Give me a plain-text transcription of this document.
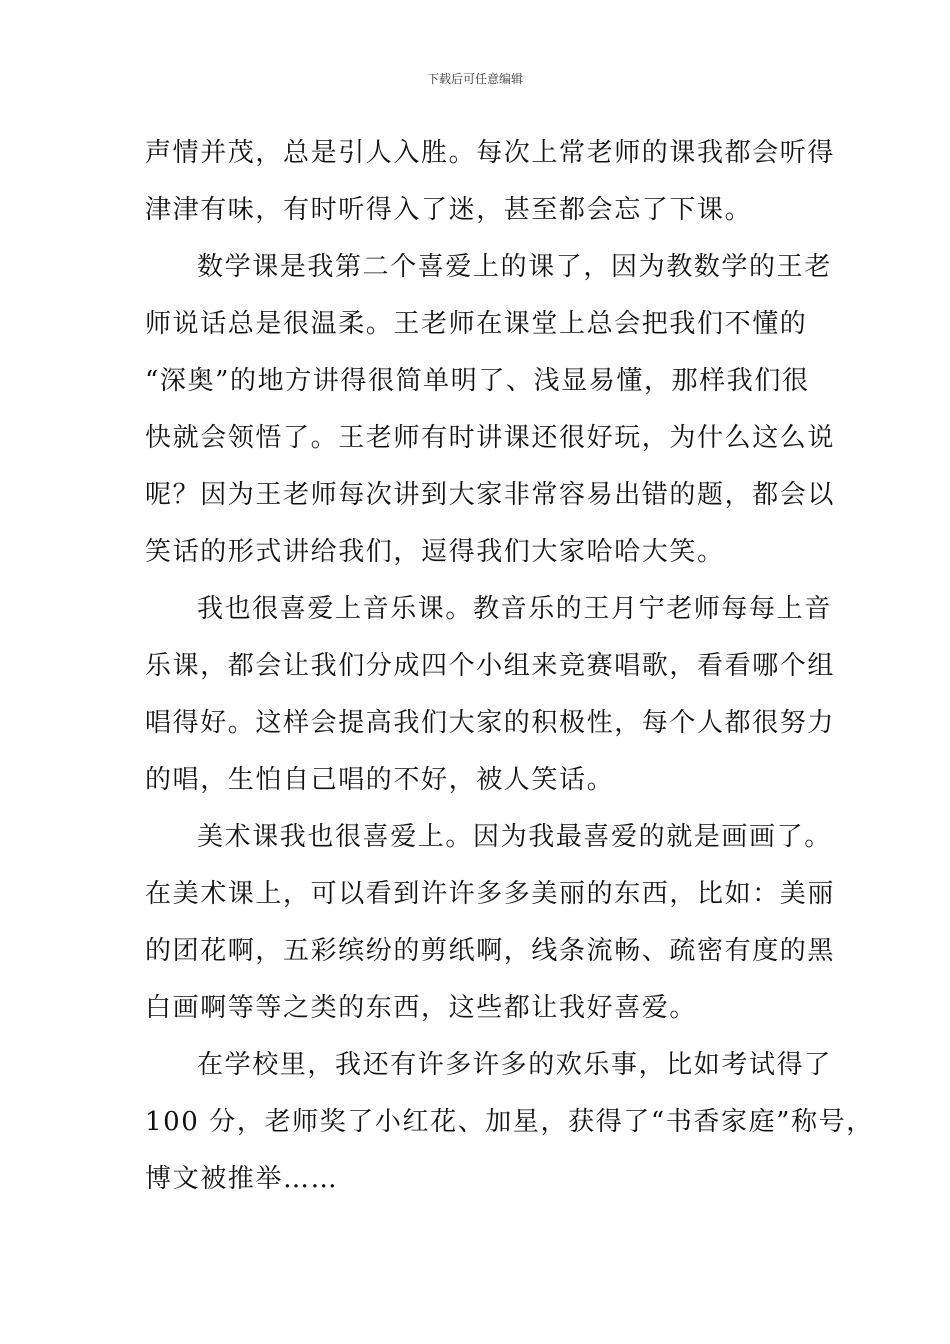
下载后可任意编辑

声情并茂，总是引人入胜。每次上常老师的课我都会听得

津津有味，有时听得入了迷，甚至都会忘了下课。

数学课是我第二个喜爱上的课了，因为教数学的王老

师说话总是很温柔。王老师在课堂上总会把我们不懂的

“深奥”的地方讲得很简单明了、浅显易懂，那样我们很

快就会领悟了。王老师有时讲课还很好玩，为什么这么说

呢？因为王老师每次讲到大家非常容易出错的题，都会以

笑话的形式讲给我们，逗得我们大家哈哈大笑。

我也很喜爱上音乐课。教音乐的王月宁老师每每上音

乐课，都会让我们分成四个小组来竞赛唱歌，看看哪个组

唱得好。这样会提高我们大家的积极性，每个人都很努力

的唱，生怕自己唱的不好，被人笑话。

美术课我也很喜爱上。因为我最喜爱的就是画画了。

在美术课上，可以看到许许多多美丽的东西，比如：美丽

的团花啊，五彩缤纷的剪纸啊，线条流畅、疏密有度的黑

白画啊等等之类的东西，这些都让我好喜爱。

在学校里，我还有许多许多的欢乐事，比如考试得了

100 分，老师奖了小红花、加星，获得了“书香家庭”称号，

博文被推举……
